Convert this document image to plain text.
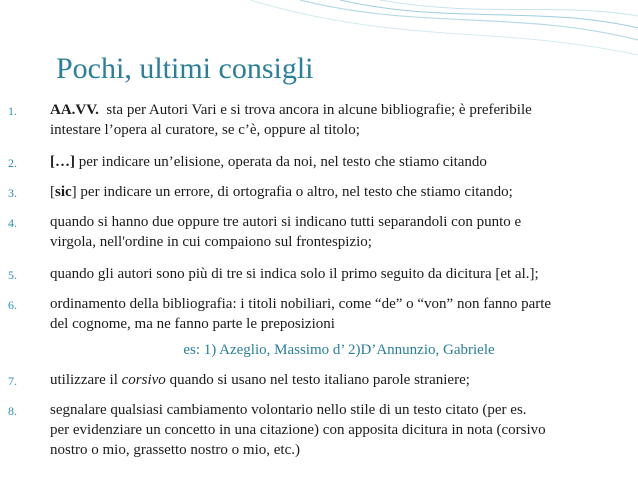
Pochi, ultimi consigli
1. AA.VV.  sta per Autori Vari e si trova ancora in alcune bibliografie; è preferibile
intestare l’opera al curatore, se c’è, oppure al titolo;
2. […] per indicare un’elisione, operata da noi, nel testo che stiamo citando
3. [sic] per indicare un errore, di ortografia o altro, nel testo che stiamo citando;
4. quando si hanno due oppure tre autori si indicano tutti separandoli con punto e
virgola, nell'ordine in cui compaiono sul frontespizio;
5. quando gli autori sono più di tre si indica solo il primo seguito da dicitura [et al.];
6. ordinamento della bibliografia: i titoli nobiliari, come “de” o “von” non fanno parte
del cognome, ma ne fanno parte le preposizioni
7. utilizzare il corsivo quando si usano nel testo italiano parole straniere;
8. segnalare qualsiasi cambiamento volontario nello stile di un testo citato (per es.
per evidenziare un concetto in una citazione) con apposita dicitura in nota (corsivo
nostro o mio, grassetto nostro o mio, etc.)
es: 1) Azeglio, Massimo d’ 2)D’Annunzio, Gabriele
